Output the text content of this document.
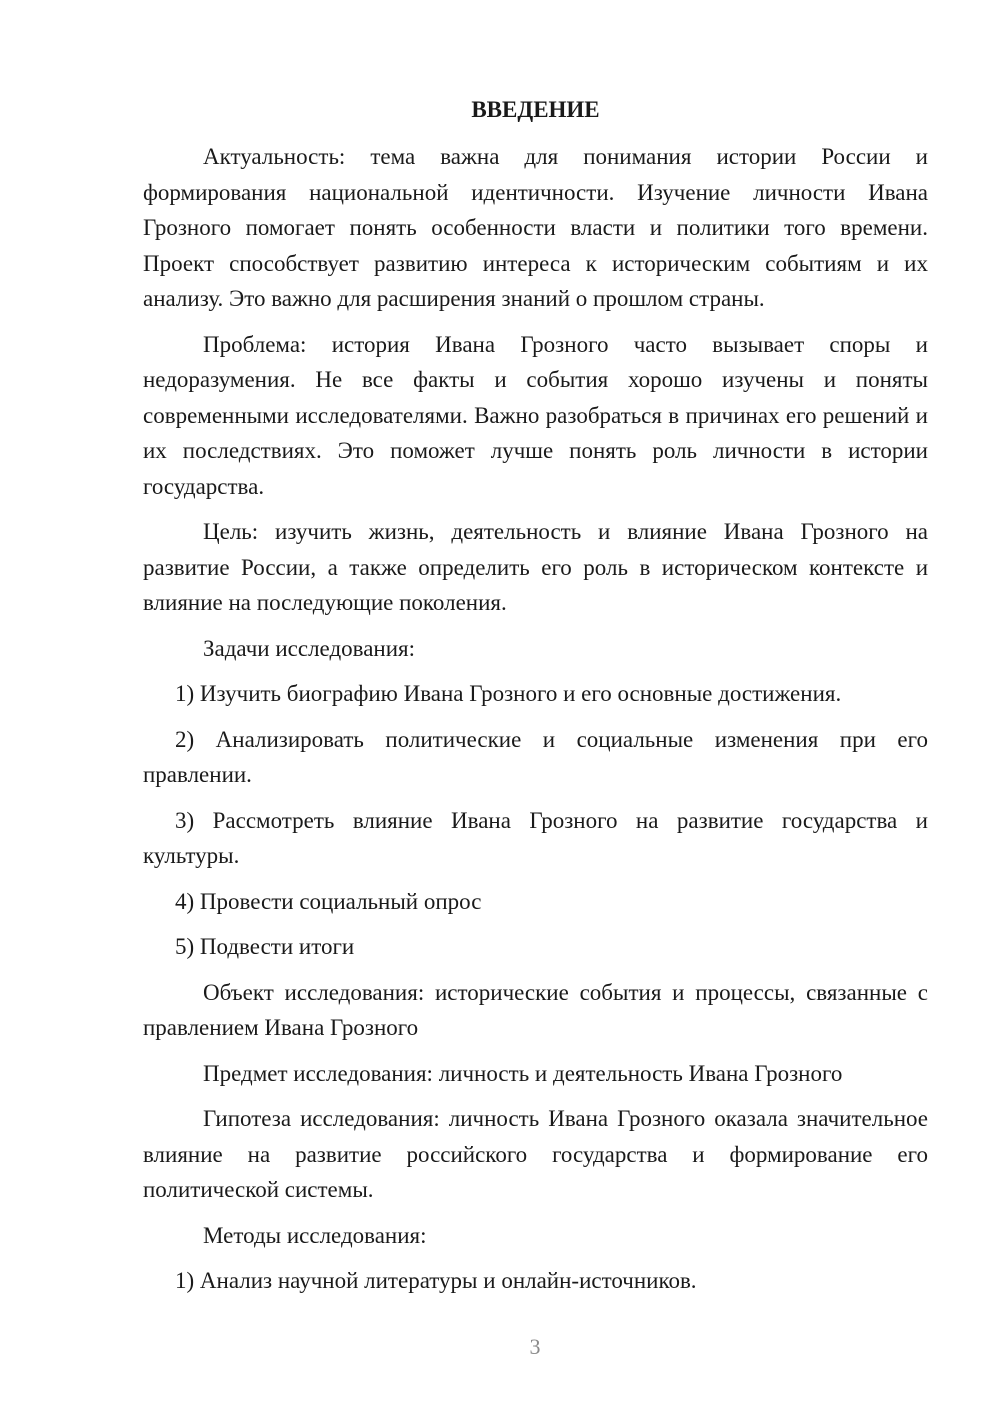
ВВЕДЕНИЕ

Актуальность: тема важна для понимания истории России и формирования национальной идентичности. Изучение личности Ивана Грозного помогает понять особенности власти и политики того времени. Проект способствует развитию интереса к историческим событиям и их анализу. Это важно для расширения знаний о прошлом страны.

Проблема: история Ивана Грозного часто вызывает споры и недоразумения. Не все факты и события хорошо изучены и поняты современными исследователями. Важно разобраться в причинах его решений и их последствиях. Это поможет лучше понять роль личности в истории государства.

Цель: изучить жизнь, деятельность и влияние Ивана Грозного на развитие России, а также определить его роль в историческом контексте и влияние на последующие поколения.

Задачи исследования:

1) Изучить биографию Ивана Грозного и его основные достижения.

2) Анализировать политические и социальные изменения при его правлении.

3) Рассмотреть влияние Ивана Грозного на развитие государства и культуры.

4) Провести социальный опрос

5) Подвести итоги

Объект исследования: исторические события и процессы, связанные с правлением Ивана Грозного

Предмет исследования: личность и деятельность Ивана Грозного

Гипотеза исследования: личность Ивана Грозного оказала значительное влияние на развитие российского государства и формирование его политической системы.

Методы исследования:

1) Анализ научной литературы и онлайн-источников.

3
